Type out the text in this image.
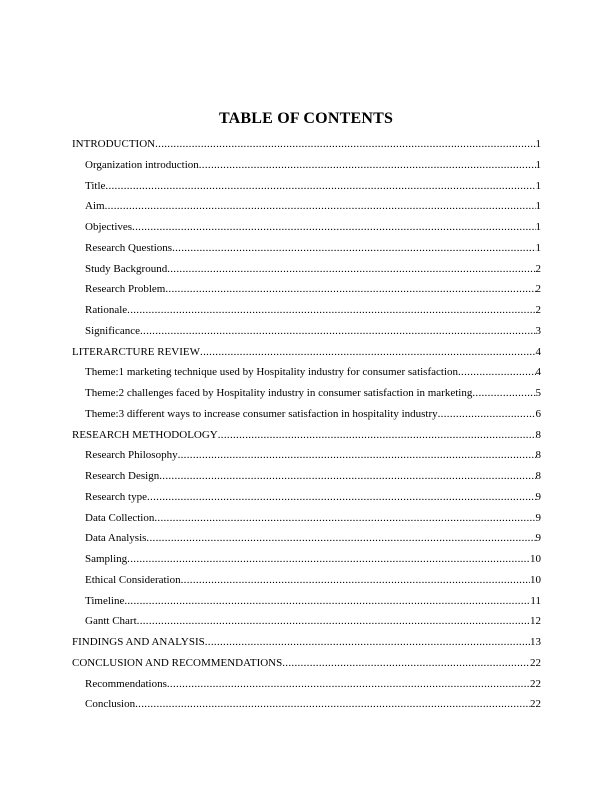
TABLE OF CONTENTS
INTRODUCTION .....	1
Organization introduction .....	1
Title .....	1
Aim .....	1
Objectives .....	1
Research Questions .....	1
Study Background .....	2
Research Problem .....	2
Rationale .....	2
Significance .....	3
LITERARCTURE REVIEW .....	4
Theme:1 marketing technique used by Hospitality industry for consumer satisfaction .....	4
Theme:2 challenges faced by Hospitality industry in consumer satisfaction in marketing .....	5
Theme:3 different ways to increase consumer satisfaction in hospitality industry .....	6
RESEARCH METHODOLOGY .....	8
Research Philosophy .....	8
Research Design .....	8
Research type .....	9
Data Collection .....	9
Data Analysis .....	9
Sampling .....	10
Ethical Consideration .....	10
Timeline .....	11
Gantt Chart .....	12
FINDINGS AND ANALYSIS .....	13
CONCLUSION AND RECOMMENDATIONS .....	22
Recommendations .....	22
Conclusion .....	22
